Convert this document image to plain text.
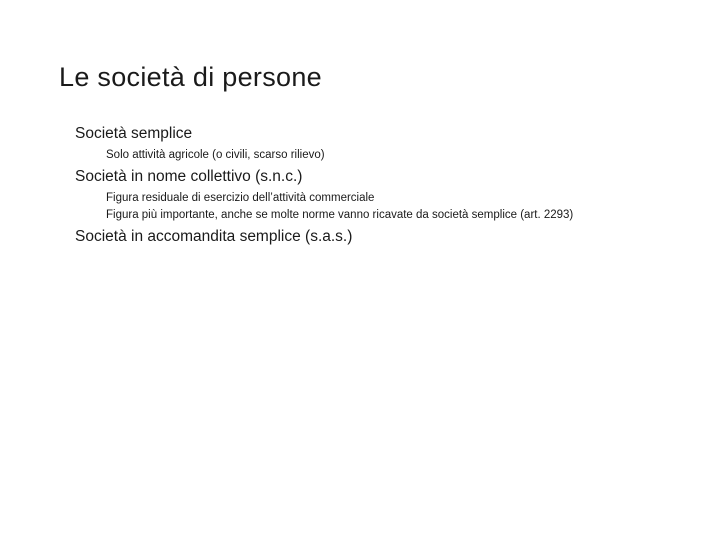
Le società di persone

Società semplice

Solo attività agricole (o civili, scarso rilievo)

Società in nome collettivo (s.n.c.)

Figura residuale di esercizio dell’attività commerciale

Figura più importante, anche se molte norme vanno ricavate da società semplice (art. 2293)

Società in accomandita semplice (s.a.s.)
